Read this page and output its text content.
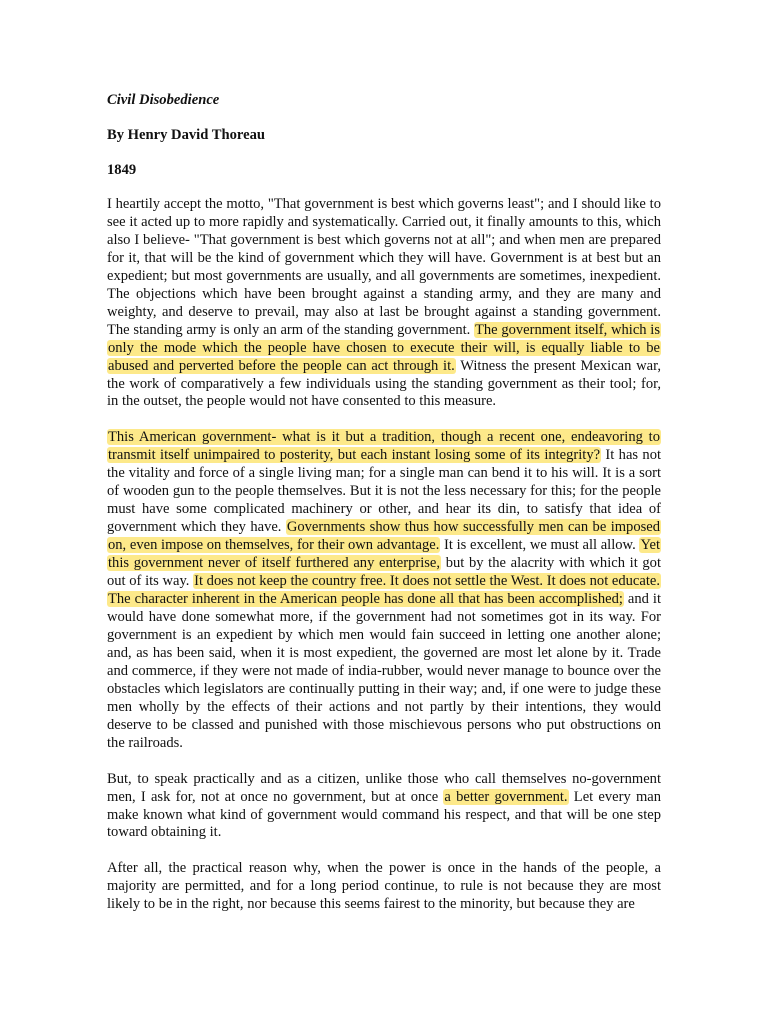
Civil Disobedience

By Henry David Thoreau

1849

I heartily accept the motto, "That government is best which governs least"; and I should like to see it acted up to more rapidly and systematically. Carried out, it finally amounts to this, which also I believe- "That government is best which governs not at all"; and when men are prepared for it, that will be the kind of government which they will have. Government is at best but an expedient; but most governments are usually, and all governments are sometimes, inexpedient. The objections which have been brought against a standing army, and they are many and weighty, and deserve to prevail, may also at last be brought against a standing government. The standing army is only an arm of the standing government. The government itself, which is only the mode which the people have chosen to execute their will, is equally liable to be abused and perverted before the people can act through it. Witness the present Mexican war, the work of comparatively a few individuals using the standing government as their tool; for, in the outset, the people would not have consented to this measure.

This American government- what is it but a tradition, though a recent one, endeavoring to transmit itself unimpaired to posterity, but each instant losing some of its integrity? It has not the vitality and force of a single living man; for a single man can bend it to his will. It is a sort of wooden gun to the people themselves. But it is not the less necessary for this; for the people must have some complicated machinery or other, and hear its din, to satisfy that idea of government which they have. Governments show thus how successfully men can be imposed on, even impose on themselves, for their own advantage. It is excellent, we must all allow. Yet this government never of itself furthered any enterprise, but by the alacrity with which it got out of its way. It does not keep the country free. It does not settle the West. It does not educate. The character inherent in the American people has done all that has been accomplished; and it would have done somewhat more, if the government had not sometimes got in its way. For government is an expedient by which men would fain succeed in letting one another alone; and, as has been said, when it is most expedient, the governed are most let alone by it. Trade and commerce, if they were not made of india-rubber, would never manage to bounce over the obstacles which legislators are continually putting in their way; and, if one were to judge these men wholly by the effects of their actions and not partly by their intentions, they would deserve to be classed and punished with those mischievous persons who put obstructions on the railroads.

But, to speak practically and as a citizen, unlike those who call themselves no-government men, I ask for, not at once no government, but at once a better government. Let every man make known what kind of government would command his respect, and that will be one step toward obtaining it.

After all, the practical reason why, when the power is once in the hands of the people, a majority are permitted, and for a long period continue, to rule is not because they are most likely to be in the right, nor because this seems fairest to the minority, but because they are
